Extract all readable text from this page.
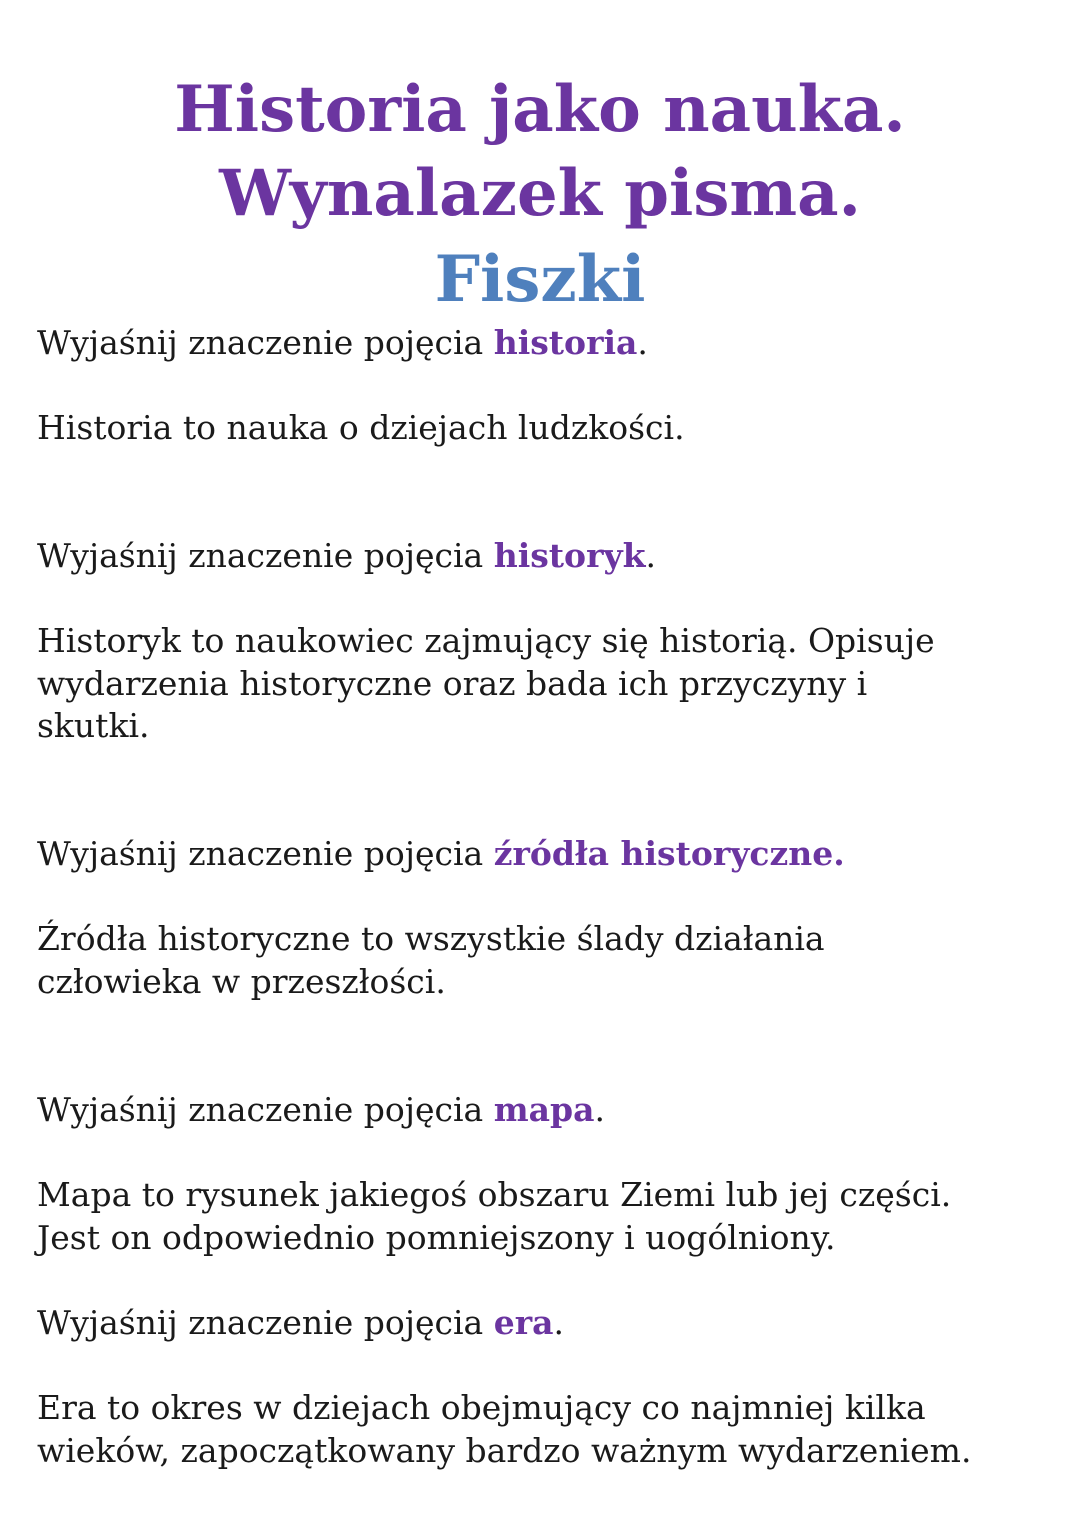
Historia jako nauka.
Wynalazek pisma.
Fiszki

Wyjaśnij znaczenie pojęcia historia.

Historia to nauka o dziejach ludzkości.

Wyjaśnij znaczenie pojęcia historyk.

Historyk to naukowiec zajmujący się historią. Opisuje

wydarzenia historyczne oraz bada ich przyczyny i

skutki.

Wyjaśnij znaczenie pojęcia źródła historyczne.

Źródła historyczne to wszystkie ślady działania

człowieka w przeszłości.

Wyjaśnij znaczenie pojęcia mapa.

Mapa to rysunek jakiegoś obszaru Ziemi lub jej części.

Jest on odpowiednio pomniejszony i uogólniony.

Wyjaśnij znaczenie pojęcia era.

Era to okres w dziejach obejmujący co najmniej kilka

wieków, zapoczątkowany bardzo ważnym wydarzeniem.
